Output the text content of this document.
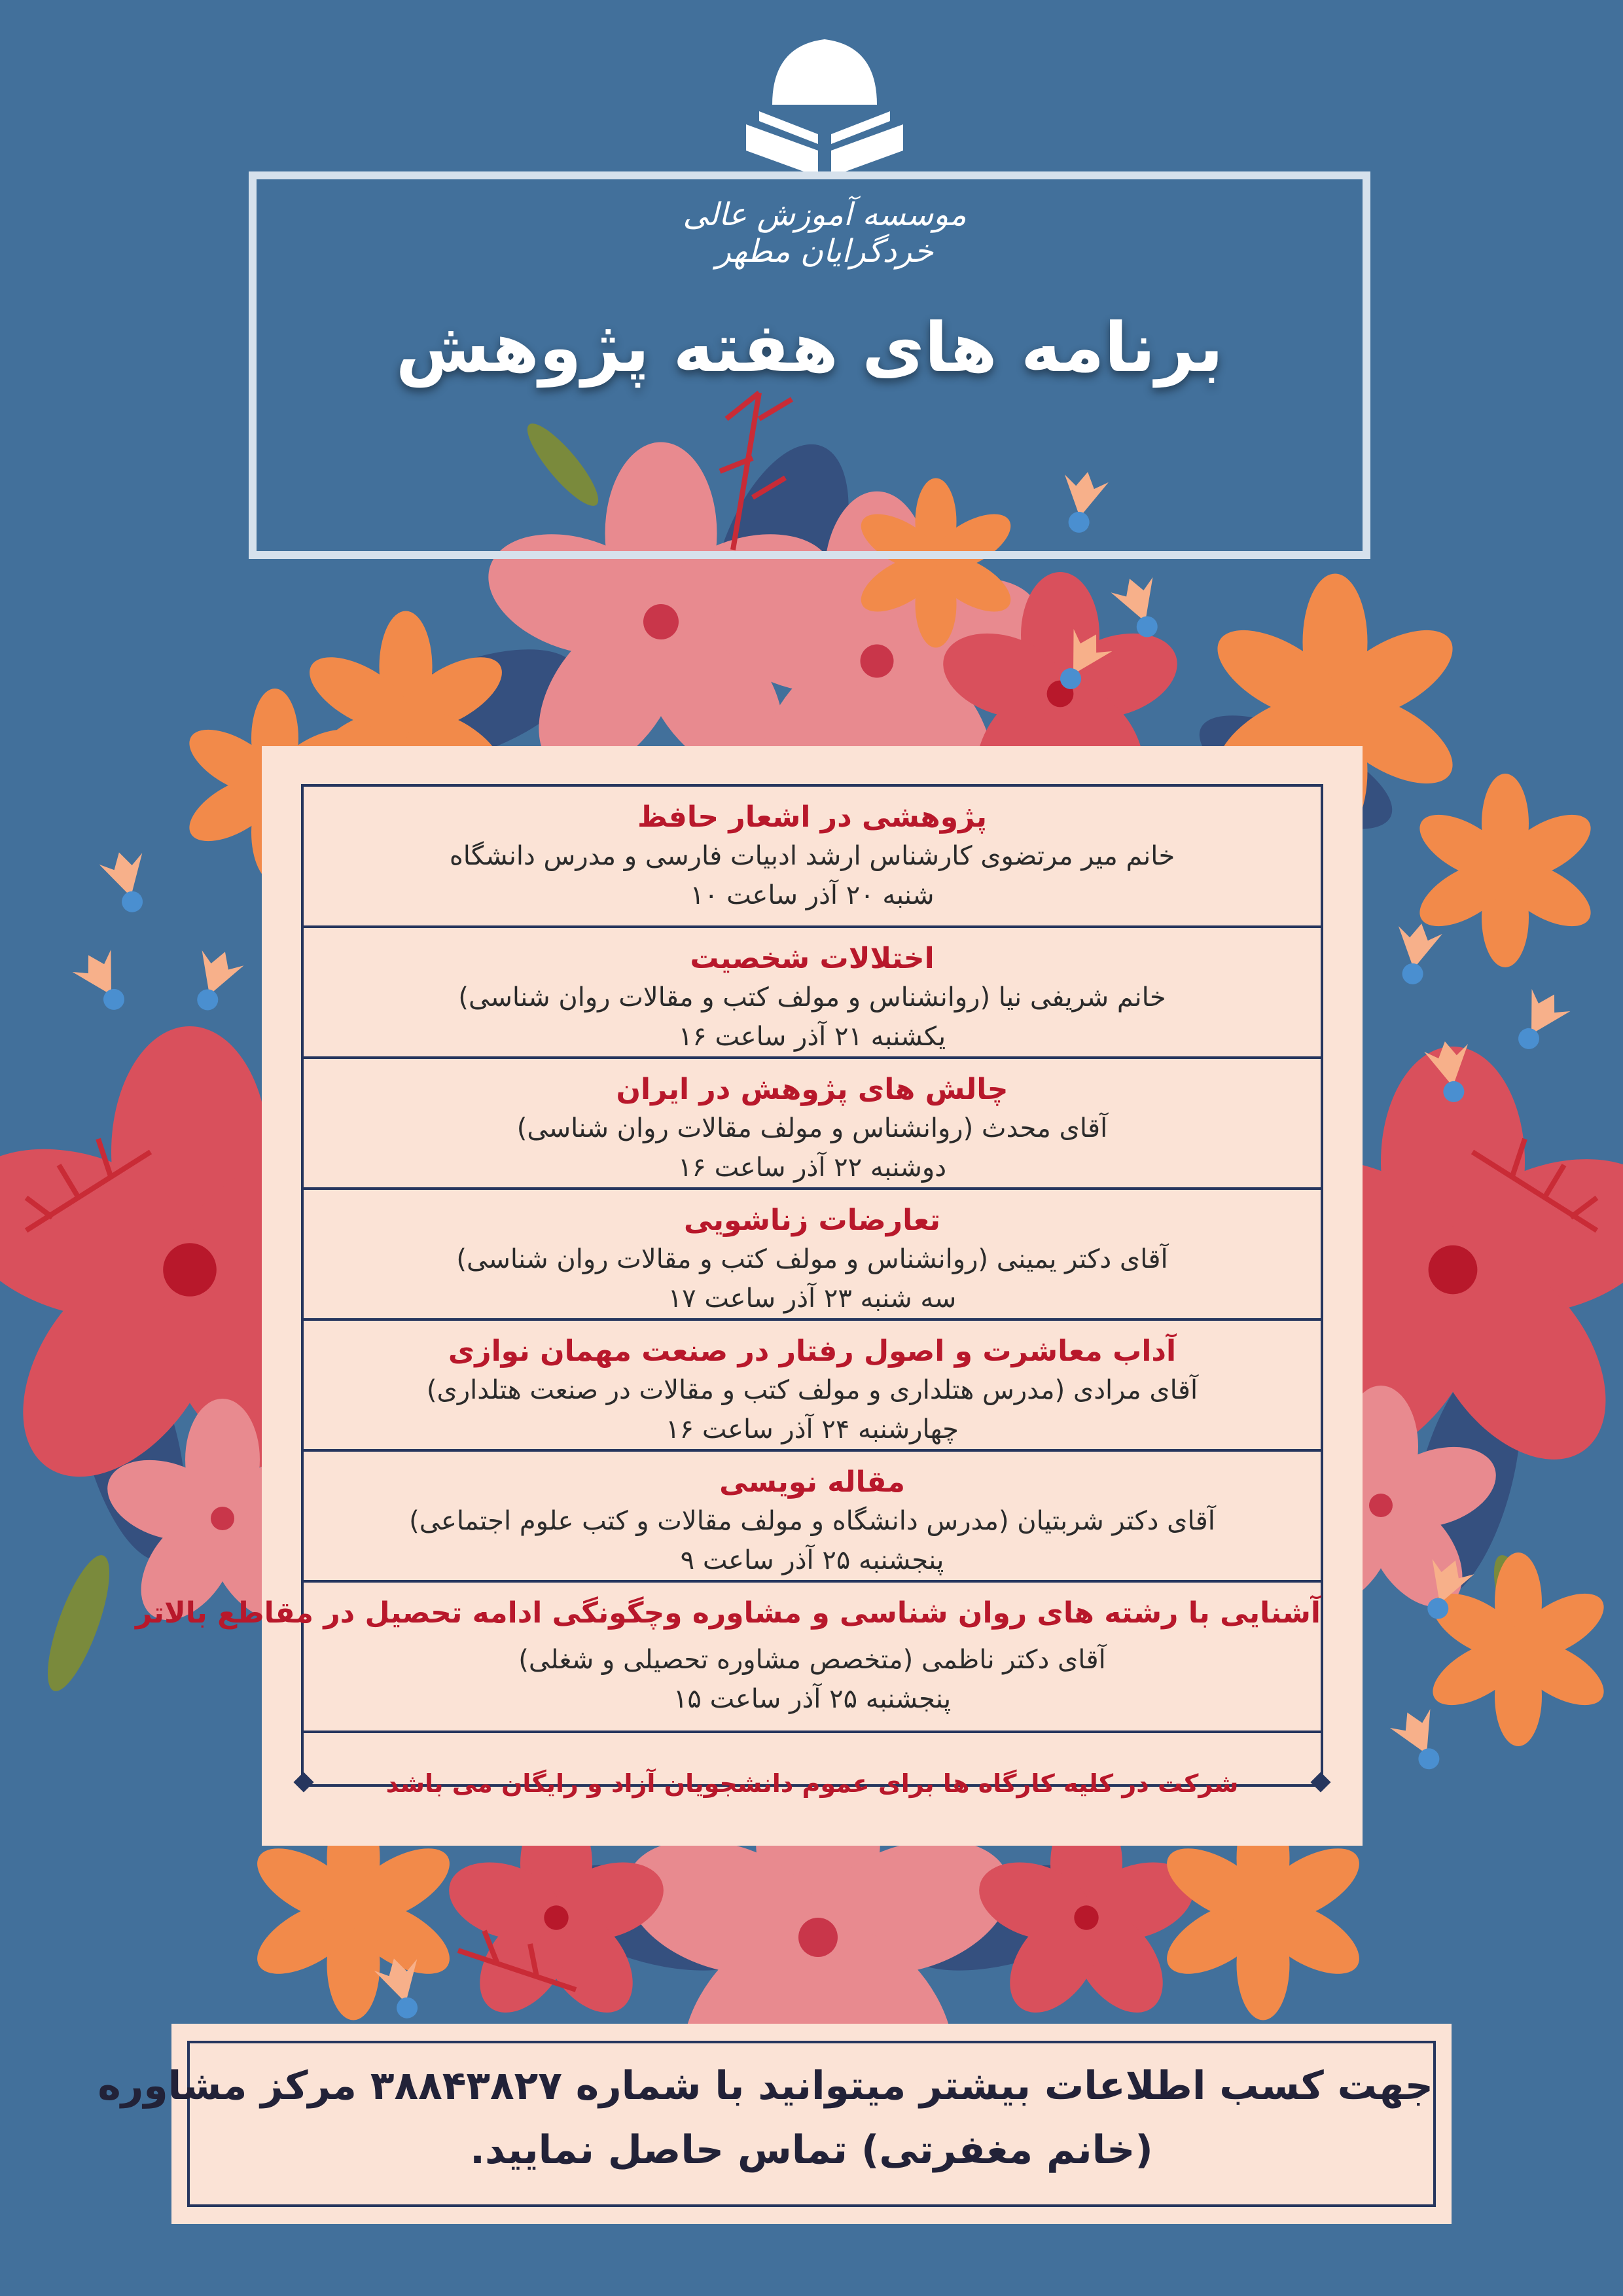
موسسه آموزش عالی خردگرایان مطهر
برنامه های هفته پژوهش
پژوهشی در اشعار حافظ
خانم میر مرتضوی کارشناس ارشد ادبیات فارسی و مدرس دانشگاه
شنبه ۲۰ آذر ساعت ۱۰
اختلالات شخصیت
خانم شریفی نیا (روانشناس و مولف کتب و مقالات روان شناسی)
یکشنبه ۲۱ آذر ساعت ۱۶
چالش های پژوهش در ایران
آقای محدث (روانشناس و مولف مقالات روان شناسی)
دوشنبه ۲۲ آذر ساعت ۱۶
تعارضات زناشویی
آقای دکتر یمینی (روانشناس و مولف کتب و مقالات روان شناسی)
سه شنبه ۲۳ آذر ساعت ۱۷
آداب معاشرت و اصول رفتار در صنعت مهمان نوازی
آقای مرادی (مدرس هتلداری و مولف کتب و مقالات در صنعت هتلداری)
چهارشنبه ۲۴ آذر ساعت ۱۶
مقاله نویسی
آقای دکتر شربتیان (مدرس دانشگاه و مولف مقالات و کتب علوم اجتماعی)
پنجشنبه ۲۵ آذر ساعت ۹
آشنایی با رشته های روان شناسی و مشاوره وچگونگی ادامه تحصیل در مقاطع بالاتر
آقای دکتر ناظمی (متخصص مشاوره تحصیلی و شغلی)
پنجشنبه ۲۵ آذر ساعت ۱۵
شرکت در کلیه کارگاه ها برای عموم دانشجویان آزاد و رایگان می باشد
جهت کسب اطلاعات بیشتر میتوانید با شماره ۳۸۸۴۳۸۲۷ مرکز مشاوره
(خانم مغفرتی) تماس حاصل نمایید.
